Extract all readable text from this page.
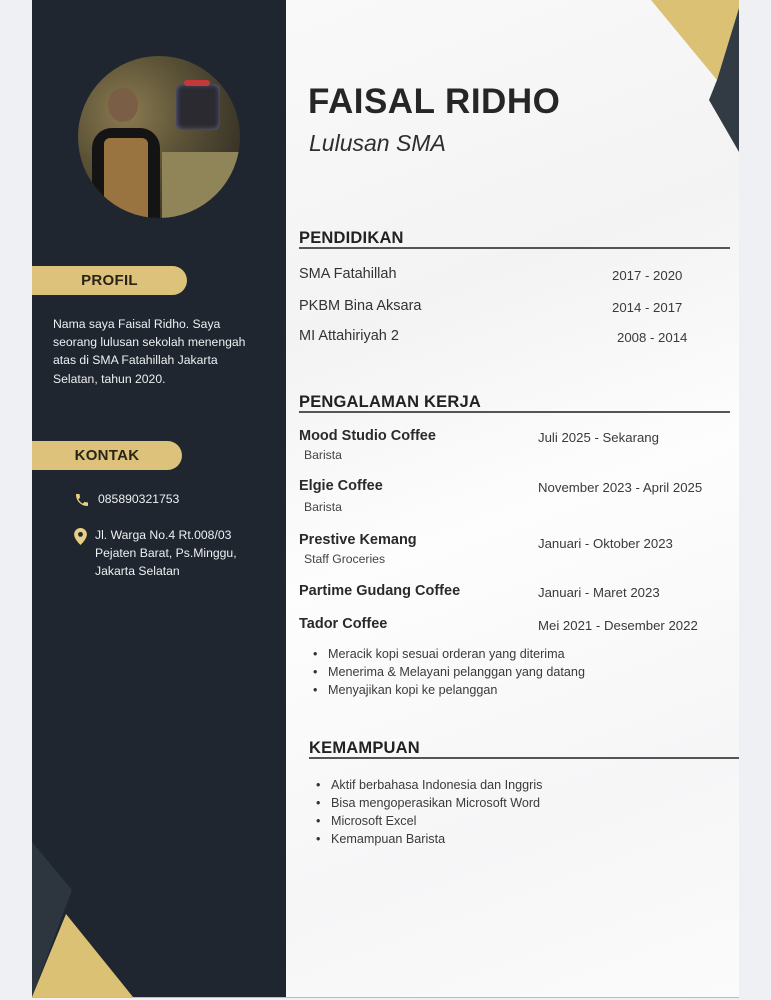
PROFIL
Nama saya Faisal Ridho. Saya seorang lulusan sekolah menengah atas di SMA Fatahillah Jakarta Selatan, tahun 2020.
KONTAK
085890321753
Jl. Warga No.4 Rt.008/03
Pejaten Barat, Ps.Minggu,
Jakarta Selatan
FAISAL RIDHO
Lulusan SMA
PENDIDIKAN
SMA Fatahillah	2017 - 2020
PKBM Bina Aksara	2014 - 2017
MI Attahiriyah 2	2008 - 2014
PENGALAMAN KERJA
Mood Studio Coffee
Barista
Juli 2025 - Sekarang
Elgie Coffee
Barista
November 2023 - April 2025
Prestive Kemang
Staff Groceries
Januari - Oktober 2023
Partime Gudang Coffee	Januari - Maret 2023
Tador Coffee	Mei 2021 - Desember 2022
• Meracik kopi sesuai orderan yang diterima
• Menerima & Melayani pelanggan yang datang
• Menyajikan kopi ke pelanggan
KEMAMPUAN
• Aktif berbahasa Indonesia dan Inggris
• Bisa mengoperasikan Microsoft Word
• Microsoft Excel
• Kemampuan Barista
